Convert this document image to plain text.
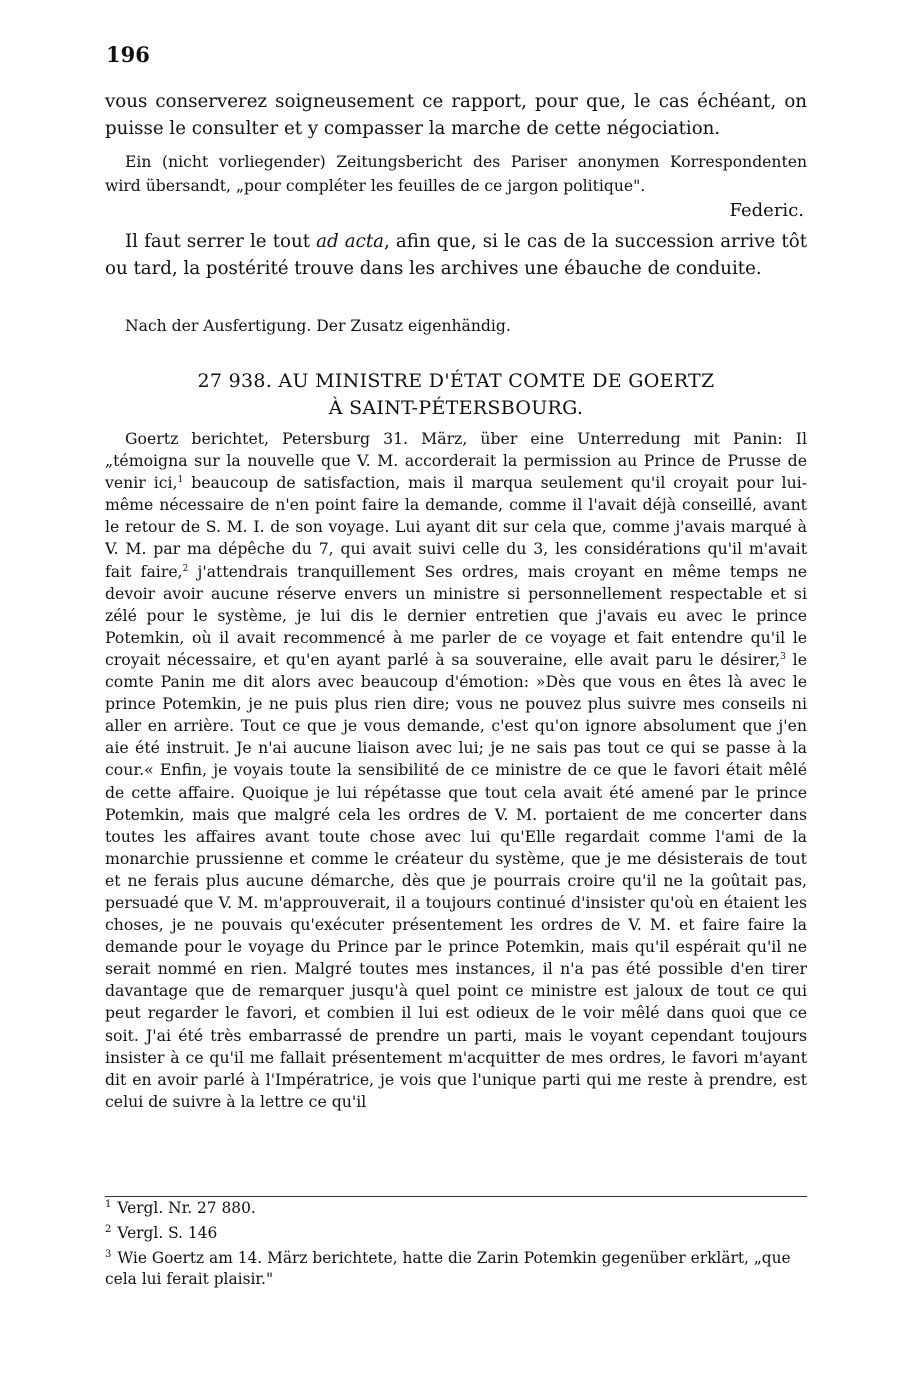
196

vous conserverez soigneusement ce rapport, pour que, le cas échéant, on puisse le consulter et y compasser la marche de cette négociation.

Ein (nicht vorliegender) Zeitungsbericht des Pariser anonymen Korrespondenten wird übersandt, „pour compléter les feuilles de ce jargon politique".

Federic.

Il faut serrer le tout ad acta, afin que, si le cas de la succession arrive tôt ou tard, la postérité trouve dans les archives une ébauche de conduite.

Nach der Ausfertigung. Der Zusatz eigenhändig.

27 938. AU MINISTRE D'ÉTAT COMTE DE GOERTZ
À SAINT-PÉTERSBOURG.

Goertz berichtet, Petersburg 31. März, über eine Unterredung mit Panin: Il „témoigna sur la nouvelle que V. M. accorderait la permission au Prince de Prusse de venir ici,$^1$ beaucoup de satisfaction, mais il marqua seulement qu'il croyait pour lui-même nécessaire de n'en point faire la demande, comme il l'avait déjà conseillé, avant le retour de S. M. I. de son voyage. Lui ayant dit sur cela que, comme j'avais marqué à V. M. par ma dépêche du 7, qui avait suivi celle du 3, les considérations qu'il m'avait fait faire,$^2$ j'attendrais tranquillement Ses ordres, mais croyant en même temps ne devoir avoir aucune réserve envers un ministre si personnellement respectable et si zélé pour le système, je lui dis le dernier entretien que j'avais eu avec le prince Potemkin, où il avait recommencé à me parler de ce voyage et fait entendre qu'il le croyait nécessaire, et qu'en ayant parlé à sa souveraine, elle avait paru le désirer,$^3$ le comte Panin me dit alors avec beaucoup d'émotion: »Dès que vous en êtes là avec le prince Potemkin, je ne puis plus rien dire; vous ne pouvez plus suivre mes conseils ni aller en arrière. Tout ce que je vous demande, c'est qu'on ignore absolument que j'en aie été instruit. Je n'ai aucune liaison avec lui; je ne sais pas tout ce qui se passe à la cour.« Enfin, je voyais toute la sensibilité de ce ministre de ce que le favori était mêlé de cette affaire. Quoique je lui répétasse que tout cela avait été amené par le prince Potemkin, mais que malgré cela les ordres de V. M. portaient de me concerter dans toutes les affaires avant toute chose avec lui qu'Elle regardait comme l'ami de la monarchie prussienne et comme le créateur du système, que je me désisterais de tout et ne ferais plus aucune démarche, dès que je pourrais croire qu'il ne la goûtait pas, persuadé que V. M. m'approuverait, il a toujours continué d'insister qu'où en étaient les choses, je ne pouvais qu'exécuter présentement les ordres de V. M. et faire faire la demande pour le voyage du Prince par le prince Potemkin, mais qu'il espérait qu'il ne serait nommé en rien. Malgré toutes mes instances, il n'a pas été possible d'en tirer davantage que de remarquer jusqu'à quel point ce ministre est jaloux de tout ce qui peut regarder le favori, et combien il lui est odieux de le voir mêlé dans quoi que ce soit. J'ai été très embarrassé de prendre un parti, mais le voyant cependant toujours insister à ce qu'il me fallait présentement m'acquitter de mes ordres, le favori m'ayant dit en avoir parlé à l'Impératrice, je vois que l'unique parti qui me reste à prendre, est celui de suivre à la lettre ce qu'il

$^1$ Vergl. Nr. 27 880.

$^2$ Vergl. S. 146

$^3$ Wie Goertz am 14. März berichtete, hatte die Zarin Potemkin gegenüber erklärt, „que cela lui ferait plaisir."
